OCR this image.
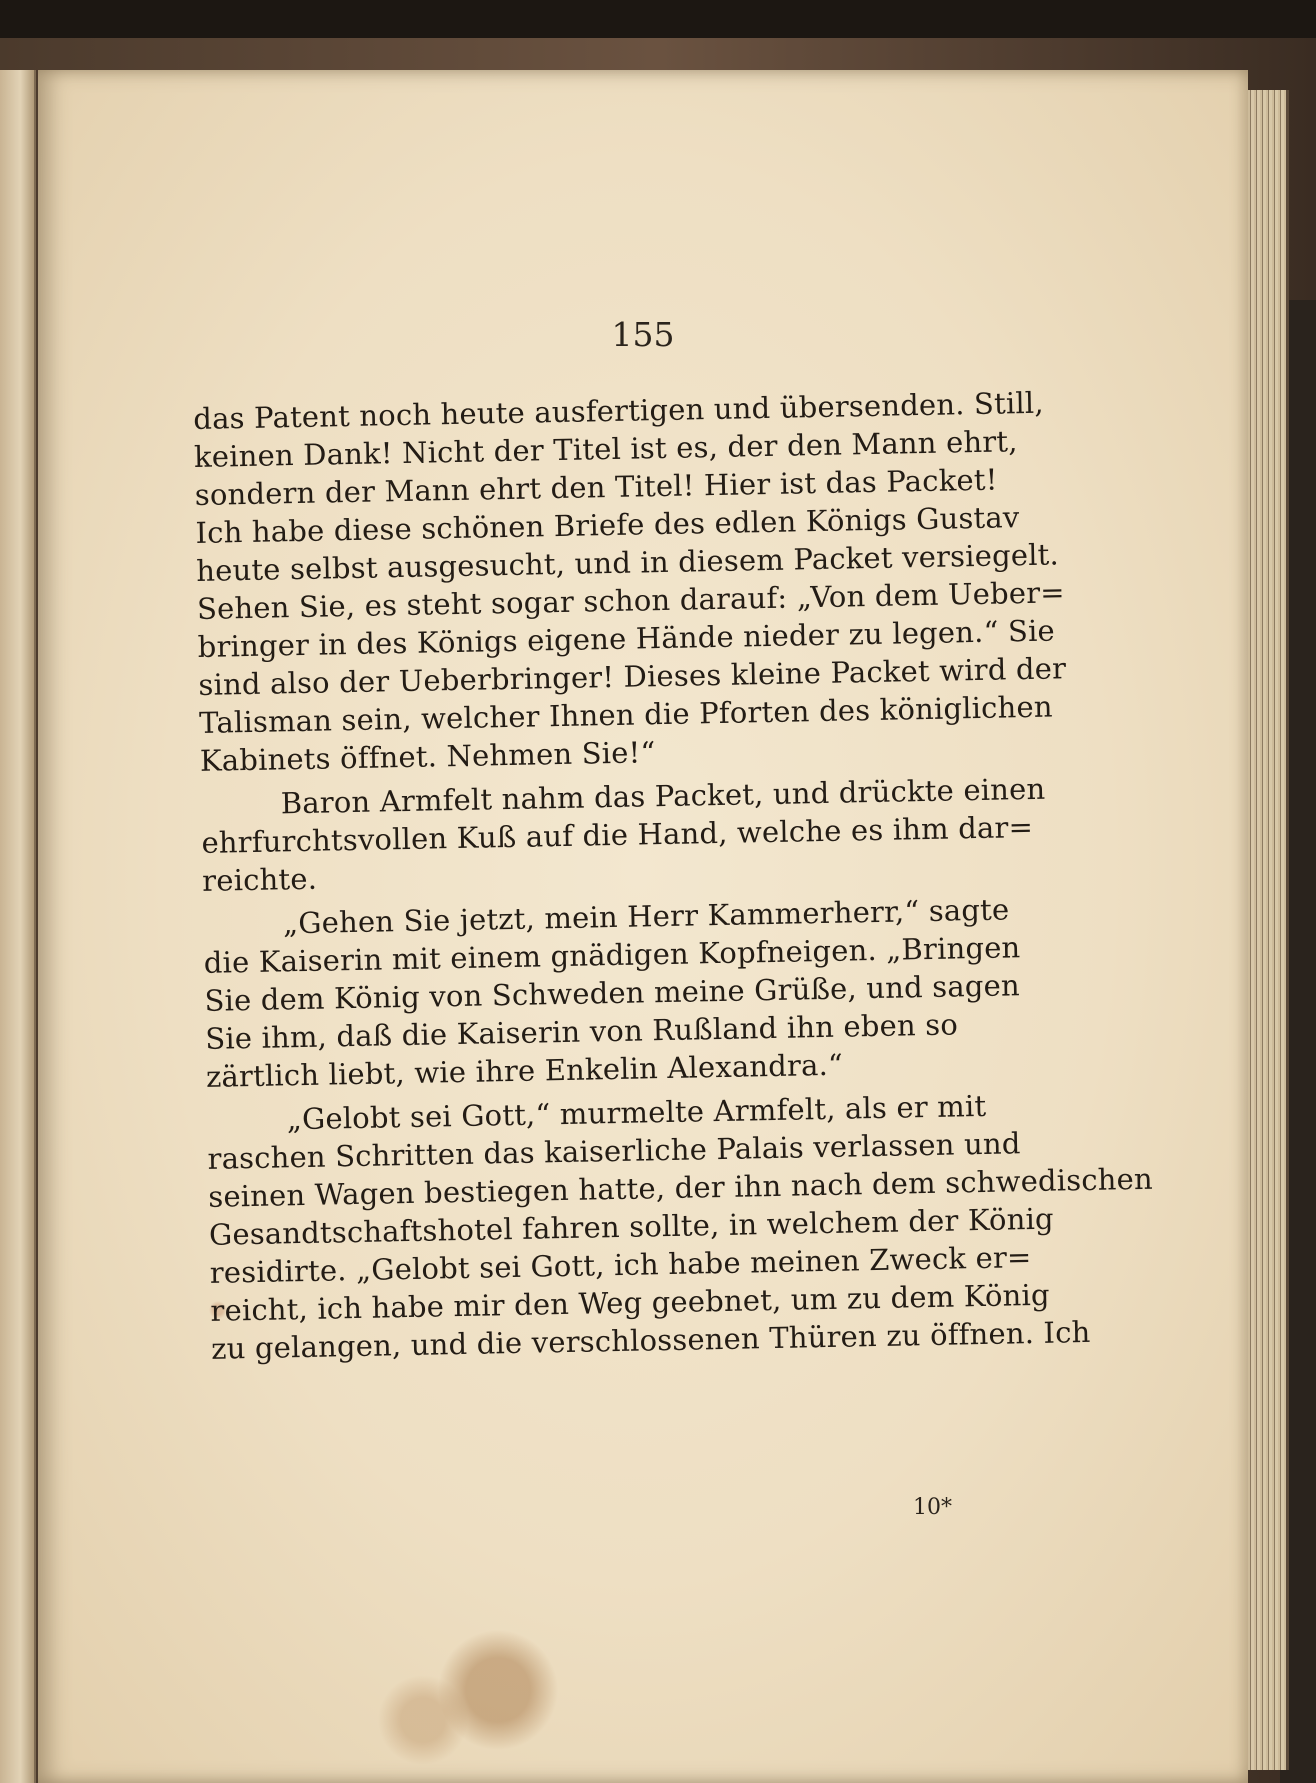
155
das Patent noch heute ausfertigen und übersenden. Still,
keinen Dank! Nicht der Titel ist es, der den Mann ehrt,
sondern der Mann ehrt den Titel! Hier ist das Packet!
Ich habe diese schönen Briefe des edlen Königs Gustav
heute selbst ausgesucht, und in diesem Packet versiegelt.
Sehen Sie, es steht sogar schon darauf: „Von dem Ueber=
bringer in des Königs eigene Hände nieder zu legen.“ Sie
sind also der Ueberbringer! Dieses kleine Packet wird der
Talisman sein, welcher Ihnen die Pforten des königlichen
Kabinets öffnet. Nehmen Sie!“
Baron Armfelt nahm das Packet, und drückte einen
ehrfurchtsvollen Kuß auf die Hand, welche es ihm dar=
reichte.
„Gehen Sie jetzt, mein Herr Kammerherr,“ sagte
die Kaiserin mit einem gnädigen Kopfneigen. „Bringen
Sie dem König von Schweden meine Grüße, und sagen
Sie ihm, daß die Kaiserin von Rußland ihn eben so
zärtlich liebt, wie ihre Enkelin Alexandra.“
„Gelobt sei Gott,“ murmelte Armfelt, als er mit
raschen Schritten das kaiserliche Palais verlassen und
seinen Wagen bestiegen hatte, der ihn nach dem schwedischen
Gesandtschaftshotel fahren sollte, in welchem der König
residirte. „Gelobt sei Gott, ich habe meinen Zweck er=
reicht, ich habe mir den Weg geebnet, um zu dem König
zu gelangen, und die verschlossenen Thüren zu öffnen. Ich
10*
